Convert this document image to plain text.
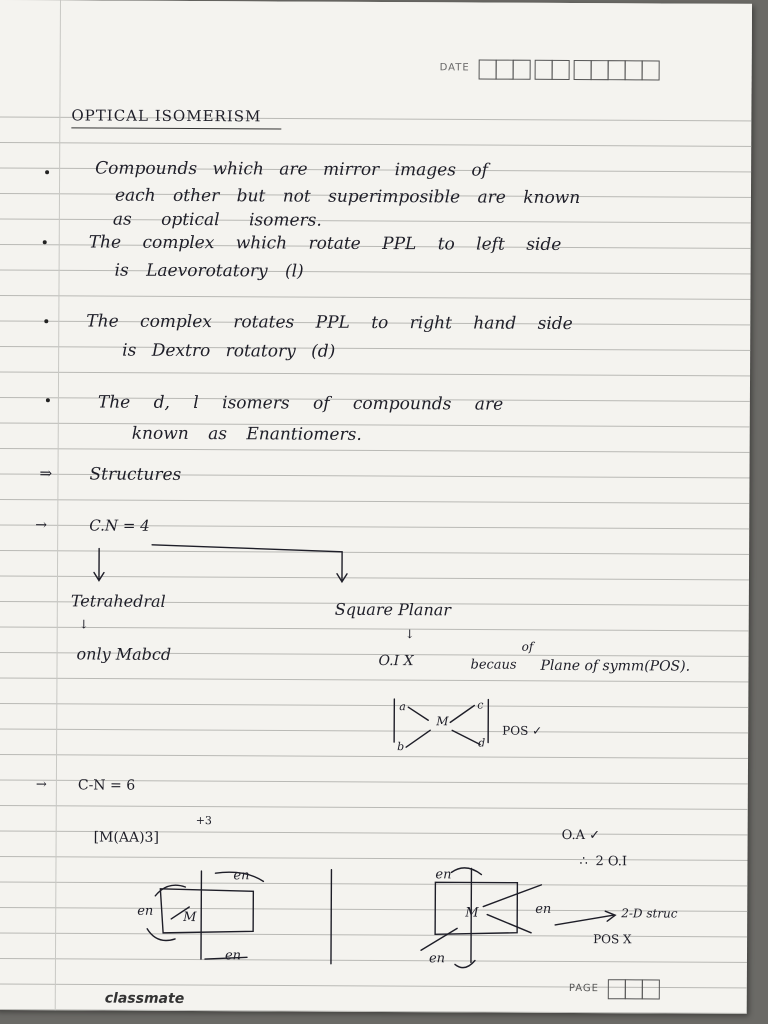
DATE
OPTICAL ISOMERISM
Compounds which are mirror images of
each other but not superimposible are known
as optical isomers.
The complex which rotate PPL to left side
is Laevorotatory (l)
The complex rotates PPL to right hand side
is Dextro rotatory (d)
The d, l isomers of compounds are
known as Enantiomers.
⇒ Structures
→	C.N = 4
Tetrahedral
↓
only Mabcd
Square Planar
↓
O.I X	becaus
of
Plane of symm(POS).
POS ✓
→ C-N = 6
[M(AA)3]
+3
O.A ✓
∴ 2 O.I
2-D struc
POS X
a
M
c
b	d
en
en M
en
en
M	en
en
classmate
PAGE
